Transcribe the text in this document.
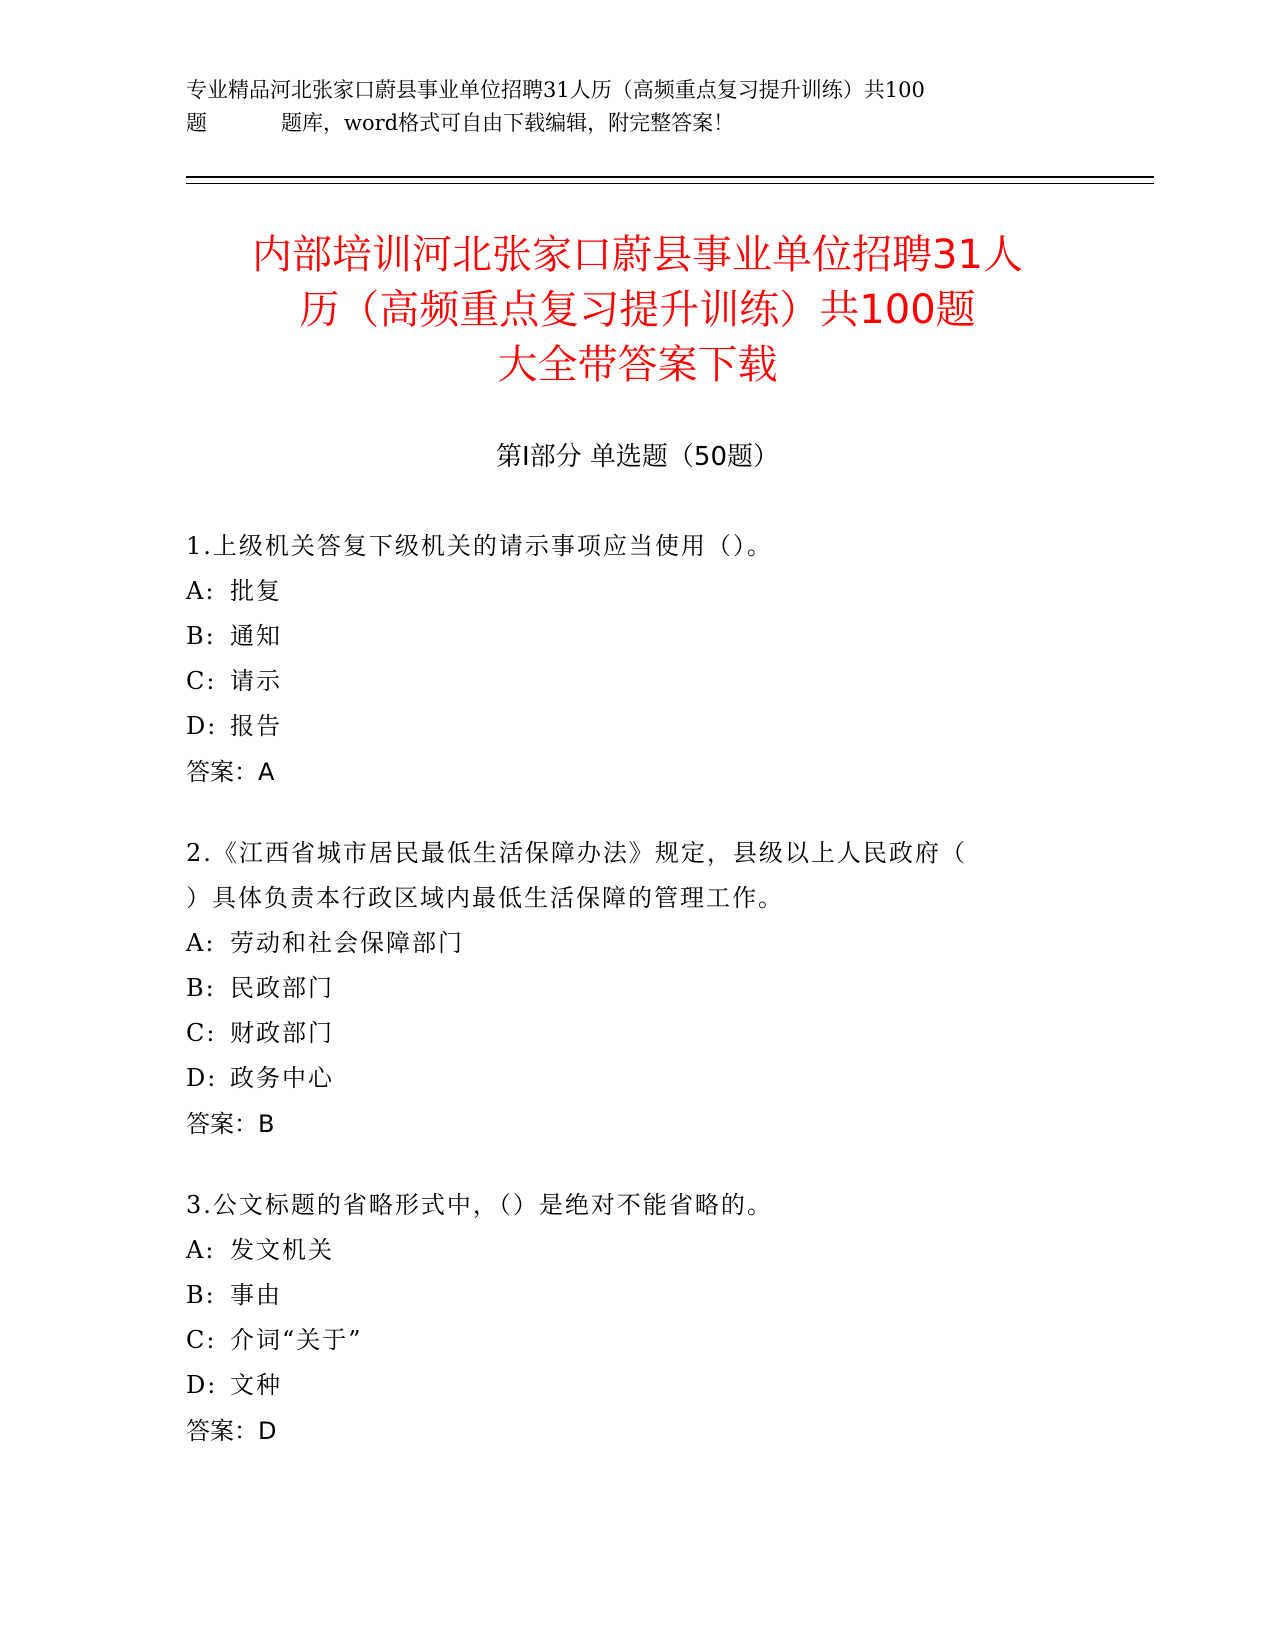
专业精品河北张家口蔚县事业单位招聘31人历（高频重点复习提升训练）共100
题	题库，word格式可自由下载编辑，附完整答案！
内部培训河北张家口蔚县事业单位招聘31人
历（高频重点复习提升训练）共100题
大全带答案下载
第Ⅰ部分 单选题（50题）
1.上级机关答复下级机关的请示事项应当使用（）。
A: 批复
B: 通知
C: 请示
D: 报告
答案：A
2.《江西省城市居民最低生活保障办法》规定，县级以上人民政府（
）具体负责本行政区域内最低生活保障的管理工作。
A: 劳动和社会保障部门
B: 民政部门
C: 财政部门
D: 政务中心
答案：B
3.公文标题的省略形式中，（）是绝对不能省略的。
A: 发文机关
B: 事由
C: 介词“关于”
D: 文种
答案：D
